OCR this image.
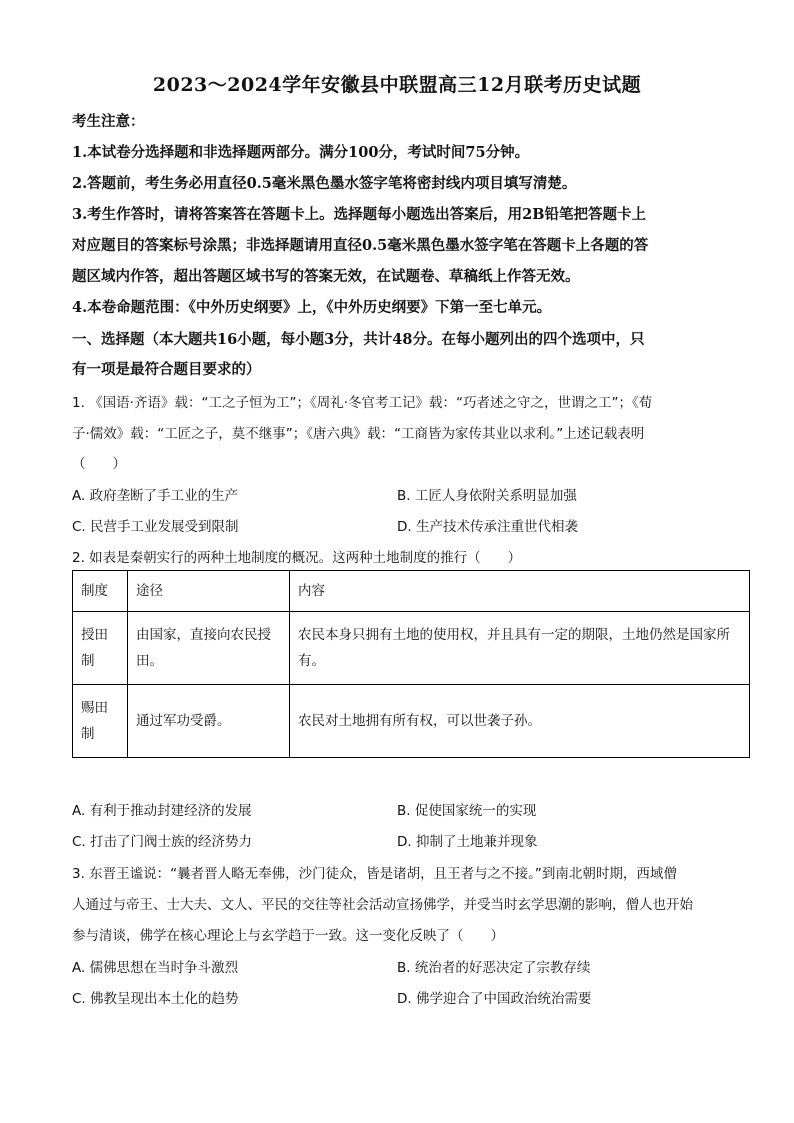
2023～2024学年安徽县中联盟高三12月联考历史试题
考生注意：
1.本试卷分选择题和非选择题两部分。满分100分，考试时间75分钟。
2.答题前，考生务必用直径0.5毫米黑色墨水签字笔将密封线内项目填写清楚。
3.考生作答时，请将答案答在答题卡上。选择题每小题选出答案后，用2B铅笔把答题卡上
对应题目的答案标号涂黑；非选择题请用直径0.5毫米黑色墨水签字笔在答题卡上各题的答
题区域内作答，超出答题区域书写的答案无效，在试题卷、草稿纸上作答无效。
4.本卷命题范围：《中外历史纲要》上，《中外历史纲要》下第一至七单元。
一、选择题（本大题共16小题，每小题3分，共计48分。在每小题列出的四个选项中，只
有一项是最符合题目要求的）
1. 《国语·齐语》载：“工之子恒为工”；《周礼·冬官考工记》载：“巧者述之守之，世谓之工”；《荀
子·儒效》载：“工匠之子，莫不继事”；《唐六典》载：“工商皆为家传其业以求利。”上述记载表明
（　　）
A. 政府垄断了手工业的生产	B. 工匠人身依附关系明显加强
C. 民营手工业发展受到限制	D. 生产技术传承注重世代相袭
2. 如表是秦朝实行的两种土地制度的概况。这两种土地制度的推行（　　）
制度	途径	内容
授田制	由国家，直接向农民授田。	农民本身只拥有土地的使用权，并且具有一定的期限，土地仍然是国家所有。
赐田制	通过军功受爵。	农民对土地拥有所有权，可以世袭子孙。
A. 有利于推动封建经济的发展	B. 促使国家统一的实现
C. 打击了门阀士族的经济势力	D. 抑制了土地兼并现象
3. 东晋王谧说：“曩者晋人略无奉佛，沙门徒众，皆是诸胡，且王者与之不接。”到南北朝时期，西域僧
人通过与帝王、士大夫、文人、平民的交往等社会活动宣扬佛学，并受当时玄学思潮的影响，僧人也开始
参与清谈，佛学在核心理论上与玄学趋于一致。这一变化反映了（　　）
A. 儒佛思想在当时争斗激烈	B. 统治者的好恶决定了宗教存续
C. 佛教呈现出本土化的趋势	D. 佛学迎合了中国政治统治需要
